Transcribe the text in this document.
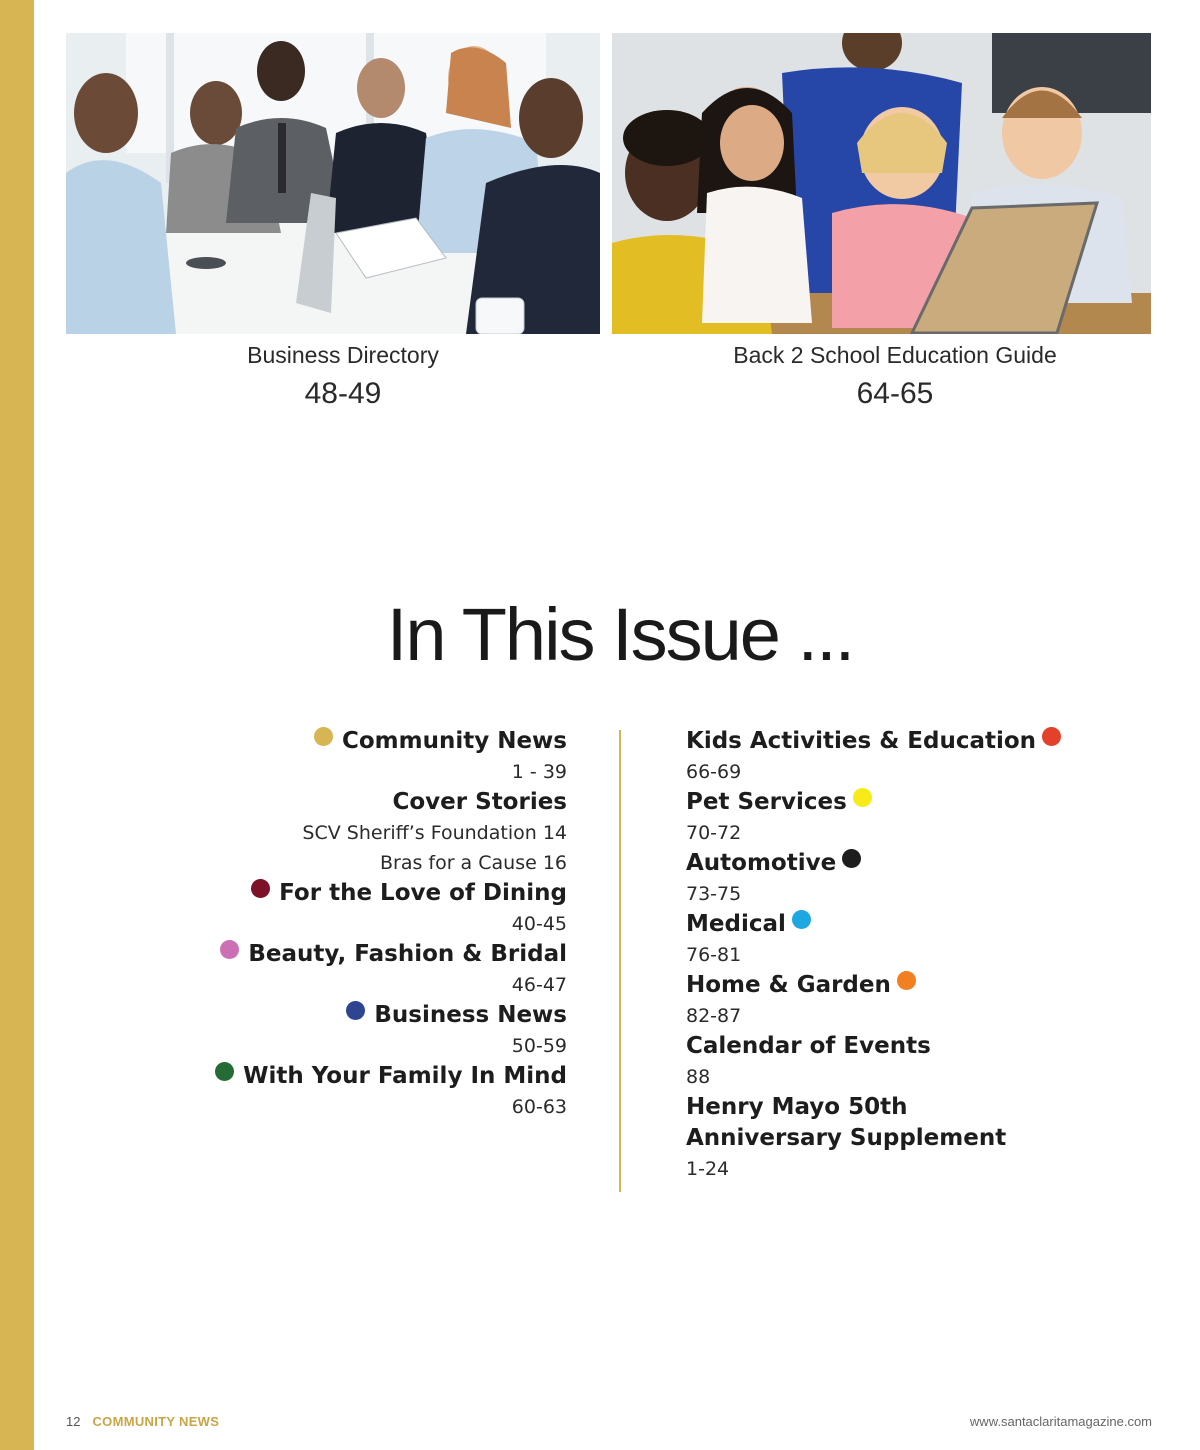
Business Directory
48-49
Back 2 School Education Guide
64-65
In This Issue ...
Community News
1 - 39
Cover Stories
SCV Sheriff’s Foundation 14
Bras for a Cause 16
For the Love of Dining
40-45
Beauty, Fashion & Bridal
46-47
Business News
50-59
With Your Family In Mind
60-63
Kids Activities & Education
66-69
Pet Services
70-72
Automotive
73-75
Medical
76-81
Home & Garden
82-87
Calendar of Events
88
Henry Mayo 50th
Anniversary Supplement
1-24
12 COMMUNITY NEWS	www.santaclaritamagazine.com
